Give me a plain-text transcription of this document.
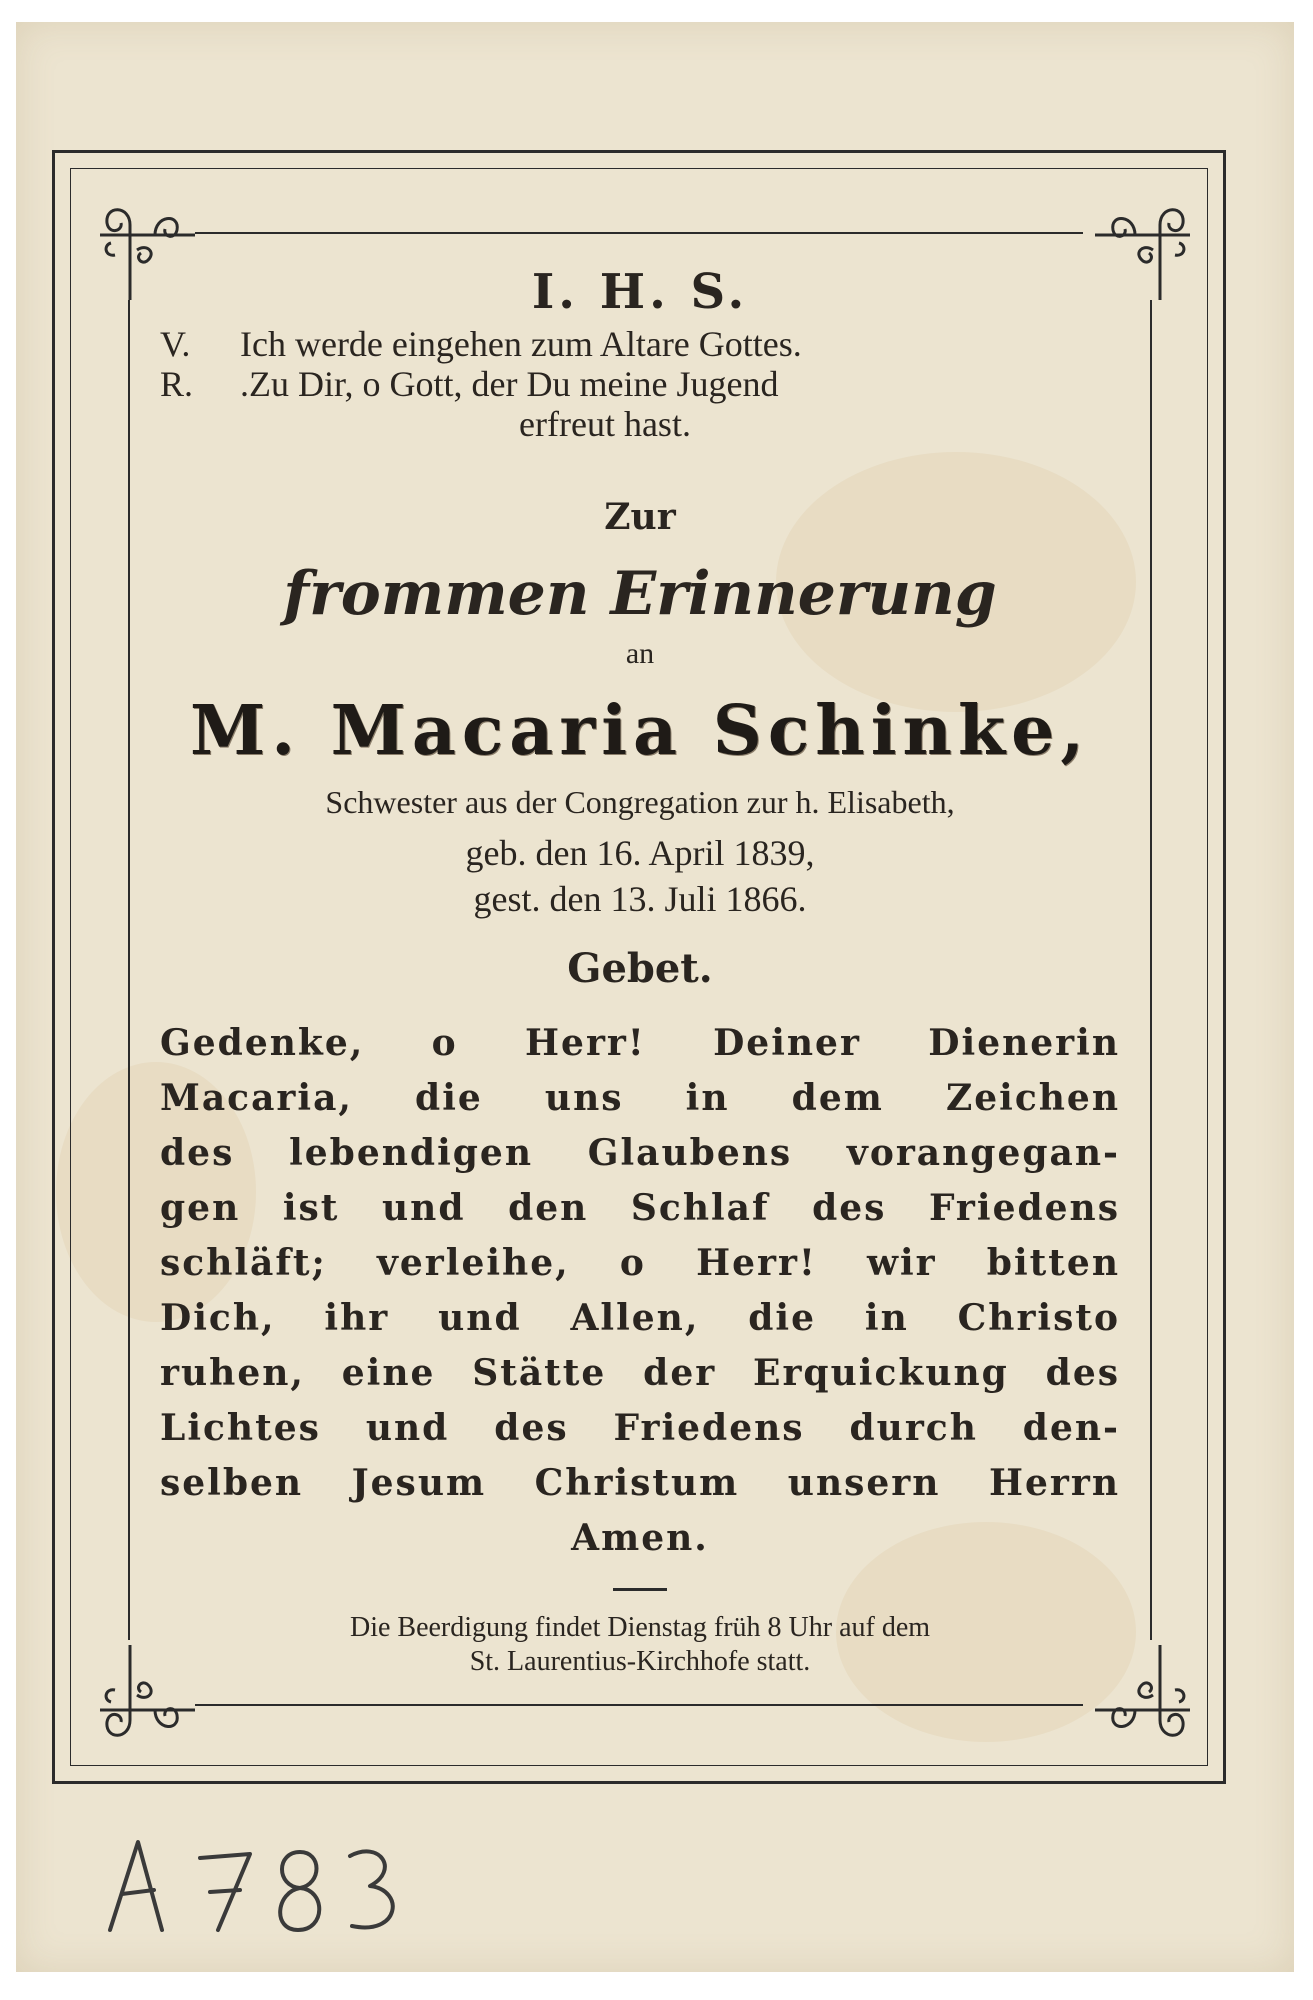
I. H. S.
V. Ich werde eingehen zum Altare Gottes.
R. .Zu Dir, o Gott, der Du meine Jugend
erfreut hast.
Zur
frommen Erinnerung
an
M. Macaria Schinke,
Schwester aus der Congregation zur h. Elisabeth,
geb. den 16. April 1839,
gest. den 13. Juli 1866.
Gebet.
Gedenke, o Herr! Deiner Dienerin
Macaria, die uns in dem Zeichen
des lebendigen Glaubens vorangegan-
gen ist und den Schlaf des Friedens
schläft; verleihe, o Herr! wir bitten
Dich, ihr und Allen, die in Christo
ruhen, eine Stätte der Erquickung des
Lichtes und des Friedens durch den-
selben Jesum Christum unsern Herrn
Amen.
Die Beerdigung findet Dienstag früh 8 Uhr auf dem
St. Laurentius-Kirchhofe statt.
